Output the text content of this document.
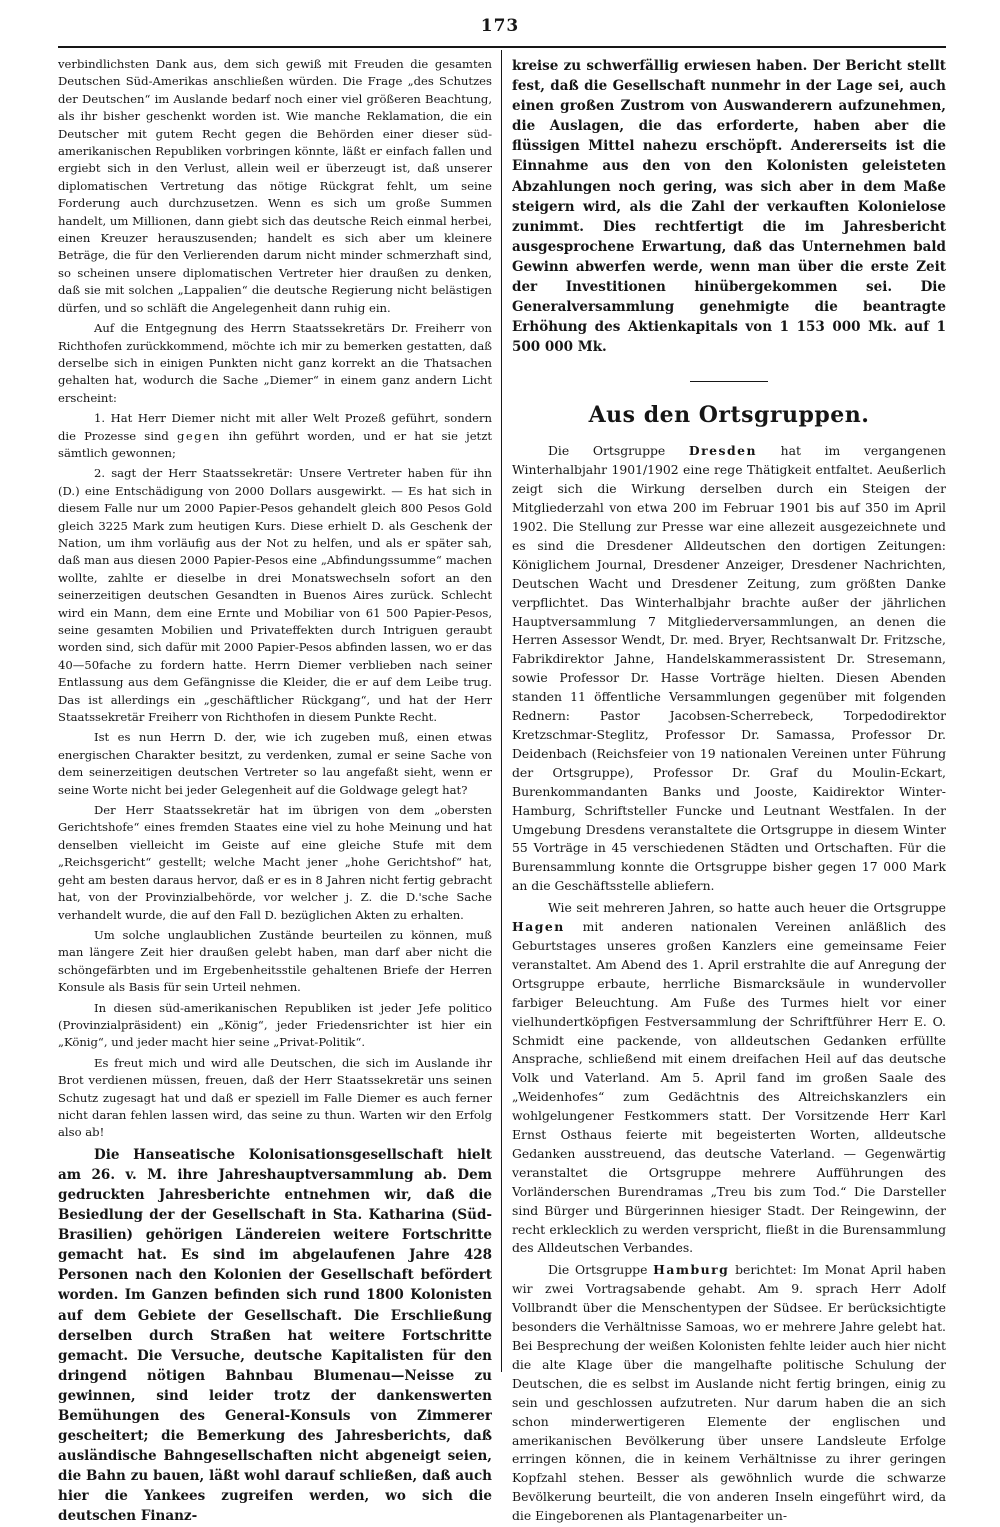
173

verbindlichsten Dank aus, dem sich gewiß mit Freuden die gesamten Deutschen Süd-Amerikas anschließen würden. Die Frage „des Schutzes der Deutschen“ im Auslande bedarf noch einer viel größeren Beachtung, als ihr bisher geschenkt worden ist. Wie manche Reklamation, die ein Deutscher mit gutem Recht gegen die Behörden einer dieser süd-amerikanischen Republiken vorbringen könnte, läßt er einfach fallen und ergiebt sich in den Verlust, allein weil er überzeugt ist, daß unserer diplomatischen Vertretung das nötige Rückgrat fehlt, um seine Forderung auch durchzusetzen. Wenn es sich um große Summen handelt, um Millionen, dann giebt sich das deutsche Reich einmal herbei, einen Kreuzer herauszusenden; handelt es sich aber um kleinere Beträge, die für den Verlierenden darum nicht minder schmerzhaft sind, so scheinen unsere diplomatischen Vertreter hier draußen zu denken, daß sie mit solchen „Lappalien“ die deutsche Regierung nicht belästigen dürfen, und so schläft die Angelegenheit dann ruhig ein.

Auf die Entgegnung des Herrn Staatssekretärs Dr. Freiherr von Richthofen zurückkommend, möchte ich mir zu bemerken gestatten, daß derselbe sich in einigen Punkten nicht ganz korrekt an die Thatsachen gehalten hat, wodurch die Sache „Diemer“ in einem ganz andern Licht erscheint:

1. Hat Herr Diemer nicht mit aller Welt Prozeß geführt, sondern die Prozesse sind gegen ihn geführt worden, und er hat sie jetzt sämtlich gewonnen;

2. sagt der Herr Staatssekretär: Unsere Vertreter haben für ihn (D.) eine Entschädigung von 2000 Dollars ausgewirkt. — Es hat sich in diesem Falle nur um 2000 Papier-Pesos gehandelt gleich 800 Pesos Gold gleich 3225 Mark zum heutigen Kurs. Diese erhielt D. als Geschenk der Nation, um ihm vorläufig aus der Not zu helfen, und als er später sah, daß man aus diesen 2000 Papier-Pesos eine „Abfindungssumme“ machen wollte, zahlte er dieselbe in drei Monatswechseln sofort an den seinerzeitigen deutschen Gesandten in Buenos Aires zurück. Schlecht wird ein Mann, dem eine Ernte und Mobiliar von 61 500 Papier-Pesos, seine gesamten Mobilien und Privateffekten durch Intriguen geraubt worden sind, sich dafür mit 2000 Papier-Pesos abfinden lassen, wo er das 40—50fache zu fordern hatte. Herrn Diemer verblieben nach seiner Entlassung aus dem Gefängnisse die Kleider, die er auf dem Leibe trug. Das ist allerdings ein „geschäftlicher Rückgang“, und hat der Herr Staatssekretär Freiherr von Richthofen in diesem Punkte Recht.

Ist es nun Herrn D. der, wie ich zugeben muß, einen etwas energischen Charakter besitzt, zu verdenken, zumal er seine Sache von dem seinerzeitigen deutschen Vertreter so lau angefaßt sieht, wenn er seine Worte nicht bei jeder Gelegenheit auf die Goldwage gelegt hat?

Der Herr Staatssekretär hat im übrigen von dem „obersten Gerichtshofe“ eines fremden Staates eine viel zu hohe Meinung und hat denselben vielleicht im Geiste auf eine gleiche Stufe mit dem „Reichsgericht“ gestellt; welche Macht jener „hohe Gerichtshof“ hat, geht am besten daraus hervor, daß er es in 8 Jahren nicht fertig gebracht hat, von der Provinzialbehörde, vor welcher j. Z. die D.'sche Sache verhandelt wurde, die auf den Fall D. bezüglichen Akten zu erhalten.

Um solche unglaublichen Zustände beurteilen zu können, muß man längere Zeit hier draußen gelebt haben, man darf aber nicht die schöngefärbten und im Ergebenheitsstile gehaltenen Briefe der Herren Konsule als Basis für sein Urteil nehmen.

In diesen süd-amerikanischen Republiken ist jeder Jefe politico (Provinzialpräsident) ein „König“, jeder Friedensrichter ist hier ein „König“, und jeder macht hier seine „Privat-Politik“.

Es freut mich und wird alle Deutschen, die sich im Auslande ihr Brot verdienen müssen, freuen, daß der Herr Staatssekretär uns seinen Schutz zugesagt hat und daß er speziell im Falle Diemer es auch ferner nicht daran fehlen lassen wird, das seine zu thun. Warten wir den Erfolg also ab!

Die Hanseatische Kolonisationsgesellschaft hielt am 26. v. M. ihre Jahreshauptversammlung ab. Dem gedruckten Jahresberichte entnehmen wir, daß die Besiedlung der der Gesellschaft in Sta. Katharina (Süd-Brasilien) gehörigen Ländereien weitere Fortschritte gemacht hat. Es sind im abgelaufenen Jahre 428 Personen nach den Kolonien der Gesellschaft befördert worden. Im Ganzen befinden sich rund 1800 Kolonisten auf dem Gebiete der Gesellschaft. Die Erschließung derselben durch Straßen hat weitere Fortschritte gemacht. Die Versuche, deutsche Kapitalisten für den dringend nötigen Bahnbau Blumenau—Neisse zu gewinnen, sind leider trotz der dankenswerten Bemühungen des General-Konsuls von Zimmerer gescheitert; die Bemerkung des Jahresberichts, daß ausländische Bahngesellschaften nicht abgeneigt seien, die Bahn zu bauen, läßt wohl darauf schließen, daß auch hier die Yankees zugreifen werden, wo sich die deutschen Finanz-

kreise zu schwerfällig erwiesen haben. Der Bericht stellt fest, daß die Gesellschaft nunmehr in der Lage sei, auch einen großen Zustrom von Auswanderern aufzunehmen, die Auslagen, die das erforderte, haben aber die flüssigen Mittel nahezu erschöpft. Andererseits ist die Einnahme aus den von den Kolonisten geleisteten Abzahlungen noch gering, was sich aber in dem Maße steigern wird, als die Zahl der verkauften Kolonielose zunimmt. Dies rechtfertigt die im Jahresbericht ausgesprochene Erwartung, daß das Unternehmen bald Gewinn abwerfen werde, wenn man über die erste Zeit der Investitionen hinübergekommen sei. Die Generalversammlung genehmigte die beantragte Erhöhung des Aktienkapitals von 1 153 000 Mk. auf 1 500 000 Mk.

Aus den Ortsgruppen.

Die Ortsgruppe Dresden hat im vergangenen Winterhalbjahr 1901/1902 eine rege Thätigkeit entfaltet. Aeußerlich zeigt sich die Wirkung derselben durch ein Steigen der Mitgliederzahl von etwa 200 im Februar 1901 bis auf 350 im April 1902. Die Stellung zur Presse war eine allezeit ausgezeichnete und es sind die Dresdener Alldeutschen den dortigen Zeitungen: Königlichem Journal, Dresdener Anzeiger, Dresdener Nachrichten, Deutschen Wacht und Dresdener Zeitung, zum größten Danke verpflichtet. Das Winterhalbjahr brachte außer der jährlichen Hauptversammlung 7 Mitgliederversammlungen, an denen die Herren Assessor Wendt, Dr. med. Bryer, Rechtsanwalt Dr. Fritzsche, Fabrikdirektor Jahne, Handelskammerassistent Dr. Stresemann, sowie Professor Dr. Hasse Vorträge hielten. Diesen Abenden standen 11 öffentliche Versammlungen gegenüber mit folgenden Rednern: Pastor Jacobsen-Scherrebeck, Torpedodirektor Kretzschmar-Steglitz, Professor Dr. Samassa, Professor Dr. Deidenbach (Reichsfeier von 19 nationalen Vereinen unter Führung der Ortsgruppe), Professor Dr. Graf du Moulin-Eckart, Burenkommandanten Banks und Jooste, Kaidirektor Winter-Hamburg, Schriftsteller Funcke und Leutnant Westfalen. In der Umgebung Dresdens veranstaltete die Ortsgruppe in diesem Winter 55 Vorträge in 45 verschiedenen Städten und Ortschaften. Für die Burensammlung konnte die Ortsgruppe bisher gegen 17 000 Mark an die Geschäftsstelle abliefern.

Wie seit mehreren Jahren, so hatte auch heuer die Ortsgruppe Hagen mit anderen nationalen Vereinen anläßlich des Geburtstages unseres großen Kanzlers eine gemeinsame Feier veranstaltet. Am Abend des 1. April erstrahlte die auf Anregung der Ortsgruppe erbaute, herrliche Bismarcksäule in wundervoller farbiger Beleuchtung. Am Fuße des Turmes hielt vor einer vielhundertköpfigen Festversammlung der Schriftführer Herr E. O. Schmidt eine packende, von alldeutschen Gedanken erfüllte Ansprache, schließend mit einem dreifachen Heil auf das deutsche Volk und Vaterland. Am 5. April fand im großen Saale des „Weidenhofes“ zum Gedächtnis des Altreichskanzlers ein wohlgelungener Festkommers statt. Der Vorsitzende Herr Karl Ernst Osthaus feierte mit begeisterten Worten, alldeutsche Gedanken ausstreuend, das deutsche Vaterland. — Gegenwärtig veranstaltet die Ortsgruppe mehrere Aufführungen des Vorländerschen Burendramas „Treu bis zum Tod.“ Die Darsteller sind Bürger und Bürgerinnen hiesiger Stadt. Der Reingewinn, der recht erklecklich zu werden verspricht, fließt in die Burensammlung des Alldeutschen Verbandes.

Die Ortsgruppe Hamburg berichtet: Im Monat April haben wir zwei Vortragsabende gehabt. Am 9. sprach Herr Adolf Vollbrandt über die Menschentypen der Südsee. Er berücksichtigte besonders die Verhältnisse Samoas, wo er mehrere Jahre gelebt hat. Bei Besprechung der weißen Kolonisten fehlte leider auch hier nicht die alte Klage über die mangelhafte politische Schulung der Deutschen, die es selbst im Auslande nicht fertig bringen, einig zu sein und geschlossen aufzutreten. Nur darum haben die an sich schon minderwertigeren Elemente der englischen und amerikanischen Bevölkerung über unsere Landsleute Erfolge erringen können, die in keinem Verhältnisse zu ihrer geringen Kopfzahl stehen. Besser als gewöhnlich wurde die schwarze Bevölkerung beurteilt, die von anderen Inseln eingeführt wird, da die Eingeborenen als Plantagenarbeiter un-
